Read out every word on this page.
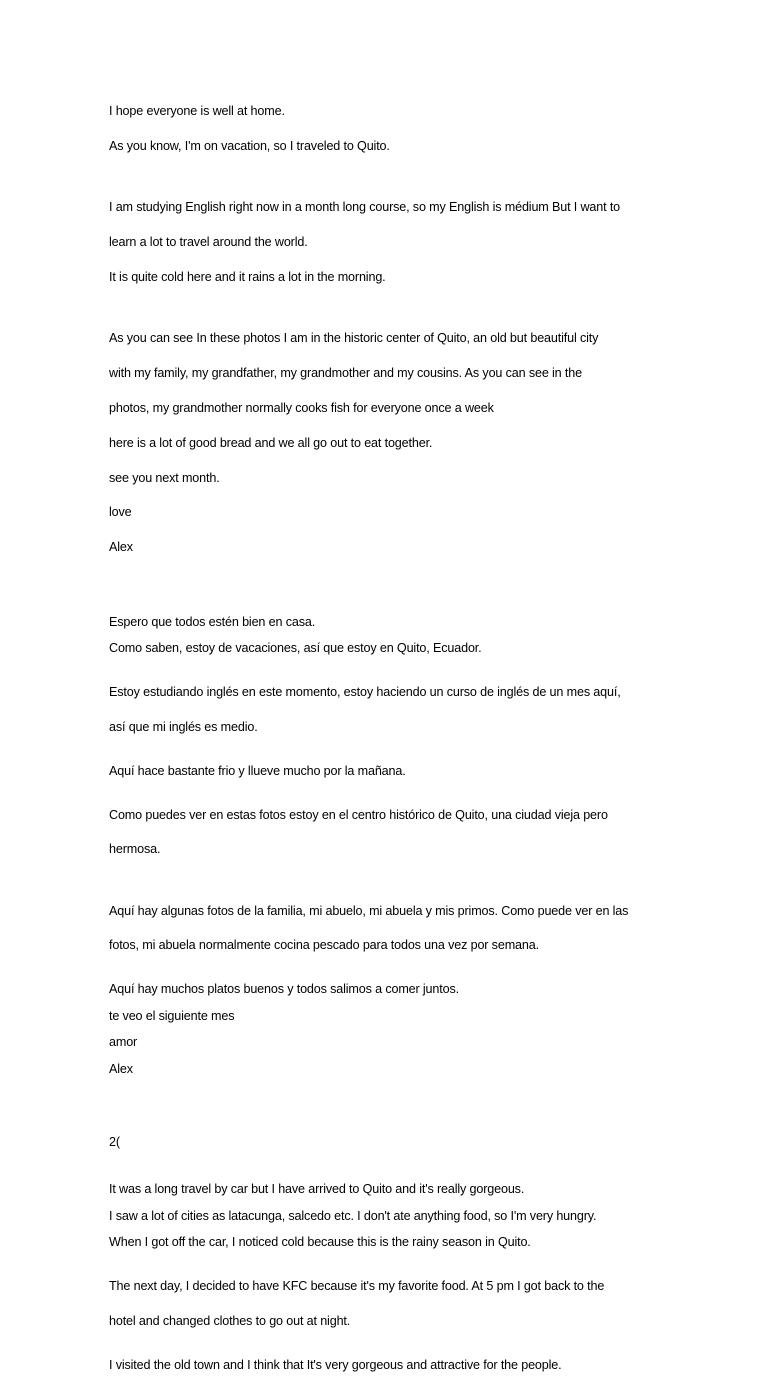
I hope everyone is well at home.

As you know, I'm on vacation, so I traveled to Quito.

I am studying English right now in a month long course, so my English is médium But I want to

learn a lot to travel around the world.

It is quite cold here and it rains a lot in the morning.

As you can see In these photos I am in the historic center of Quito, an old but beautiful city

with my family, my grandfather, my grandmother and my cousins. As you can see in the

photos, my grandmother normally cooks fish for everyone once a week

here is a lot of good bread and we all go out to eat together.

see you next month.

love

Alex

Espero que todos estén bien en casa.

Como saben, estoy de vacaciones, así que estoy en Quito, Ecuador.

Estoy estudiando inglés en este momento, estoy haciendo un curso de inglés de un mes aquí,

así que mi inglés es medio.

Aquí hace bastante frio y llueve mucho por la mañana.

Como puedes ver en estas fotos estoy en el centro histórico de Quito, una ciudad vieja pero

hermosa.

Aquí hay algunas fotos de la familia, mi abuelo, mi abuela y mis primos. Como puede ver en las

fotos, mi abuela normalmente cocina pescado para todos una vez por semana.

Aquí hay muchos platos buenos y todos salimos a comer juntos.

te veo el siguiente mes

amor

Alex

2(

It was a long travel by car but I have arrived to Quito and it's really gorgeous.

I saw a lot of cities as latacunga, salcedo etc. I don't ate anything food, so I'm very hungry.

When I got off the car, I noticed cold because this is the rainy season in Quito.

The next day, I decided to have KFC because it's my favorite food. At 5 pm I got back to the

hotel and changed clothes to go out at night.

I visited the old town and I think that It's very gorgeous and attractive for the people.
